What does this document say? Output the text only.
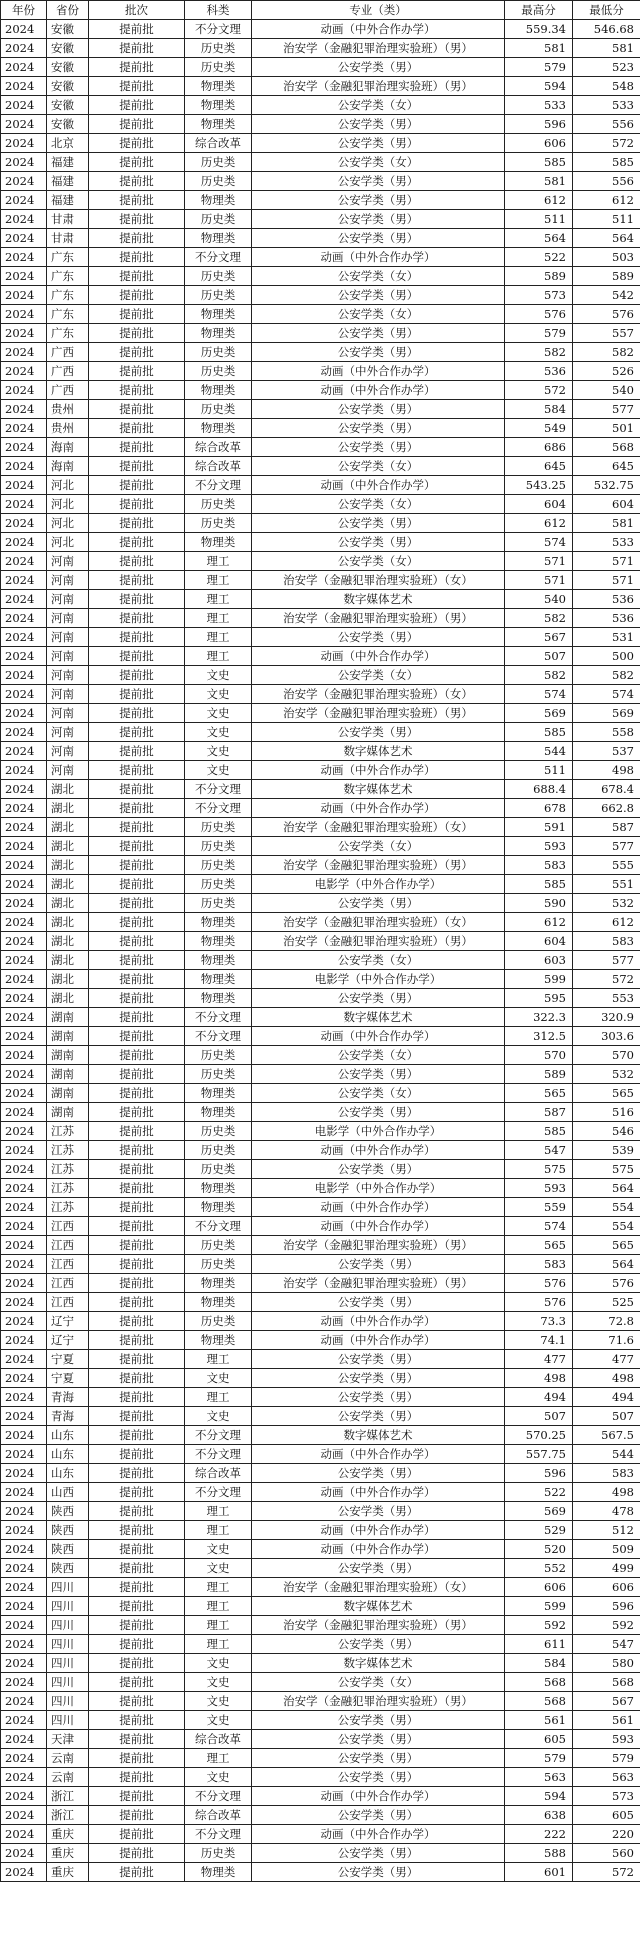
年份	省份	批次	科类	专业（类）	最高分	最低分
2024	安徽	提前批	不分文理	动画（中外合作办学）	559.34	546.68
2024	安徽	提前批	历史类	治安学（金融犯罪治理实验班）（男）	581	581
2024	安徽	提前批	历史类	公安学类（男）	579	523
2024	安徽	提前批	物理类	治安学（金融犯罪治理实验班）（男）	594	548
2024	安徽	提前批	物理类	公安学类（女）	533	533
2024	安徽	提前批	物理类	公安学类（男）	596	556
2024	北京	提前批	综合改革	公安学类（男）	606	572
2024	福建	提前批	历史类	公安学类（女）	585	585
2024	福建	提前批	历史类	公安学类（男）	581	556
2024	福建	提前批	物理类	公安学类（男）	612	612
2024	甘肃	提前批	历史类	公安学类（男）	511	511
2024	甘肃	提前批	物理类	公安学类（男）	564	564
2024	广东	提前批	不分文理	动画（中外合作办学）	522	503
2024	广东	提前批	历史类	公安学类（女）	589	589
2024	广东	提前批	历史类	公安学类（男）	573	542
2024	广东	提前批	物理类	公安学类（女）	576	576
2024	广东	提前批	物理类	公安学类（男）	579	557
2024	广西	提前批	历史类	公安学类（男）	582	582
2024	广西	提前批	历史类	动画（中外合作办学）	536	526
2024	广西	提前批	物理类	动画（中外合作办学）	572	540
2024	贵州	提前批	历史类	公安学类（男）	584	577
2024	贵州	提前批	物理类	公安学类（男）	549	501
2024	海南	提前批	综合改革	公安学类（男）	686	568
2024	海南	提前批	综合改革	公安学类（女）	645	645
2024	河北	提前批	不分文理	动画（中外合作办学）	543.25	532.75
2024	河北	提前批	历史类	公安学类（女）	604	604
2024	河北	提前批	历史类	公安学类（男）	612	581
2024	河北	提前批	物理类	公安学类（男）	574	533
2024	河南	提前批	理工	公安学类（女）	571	571
2024	河南	提前批	理工	治安学（金融犯罪治理实验班）（女）	571	571
2024	河南	提前批	理工	数字媒体艺术	540	536
2024	河南	提前批	理工	治安学（金融犯罪治理实验班）（男）	582	536
2024	河南	提前批	理工	公安学类（男）	567	531
2024	河南	提前批	理工	动画（中外合作办学）	507	500
2024	河南	提前批	文史	公安学类（女）	582	582
2024	河南	提前批	文史	治安学（金融犯罪治理实验班）（女）	574	574
2024	河南	提前批	文史	治安学（金融犯罪治理实验班）（男）	569	569
2024	河南	提前批	文史	公安学类（男）	585	558
2024	河南	提前批	文史	数字媒体艺术	544	537
2024	河南	提前批	文史	动画（中外合作办学）	511	498
2024	湖北	提前批	不分文理	数字媒体艺术	688.4	678.4
2024	湖北	提前批	不分文理	动画（中外合作办学）	678	662.8
2024	湖北	提前批	历史类	治安学（金融犯罪治理实验班）（女）	591	587
2024	湖北	提前批	历史类	公安学类（女）	593	577
2024	湖北	提前批	历史类	治安学（金融犯罪治理实验班）（男）	583	555
2024	湖北	提前批	历史类	电影学（中外合作办学）	585	551
2024	湖北	提前批	历史类	公安学类（男）	590	532
2024	湖北	提前批	物理类	治安学（金融犯罪治理实验班）（女）	612	612
2024	湖北	提前批	物理类	治安学（金融犯罪治理实验班）（男）	604	583
2024	湖北	提前批	物理类	公安学类（女）	603	577
2024	湖北	提前批	物理类	电影学（中外合作办学）	599	572
2024	湖北	提前批	物理类	公安学类（男）	595	553
2024	湖南	提前批	不分文理	数字媒体艺术	322.3	320.9
2024	湖南	提前批	不分文理	动画（中外合作办学）	312.5	303.6
2024	湖南	提前批	历史类	公安学类（女）	570	570
2024	湖南	提前批	历史类	公安学类（男）	589	532
2024	湖南	提前批	物理类	公安学类（女）	565	565
2024	湖南	提前批	物理类	公安学类（男）	587	516
2024	江苏	提前批	历史类	电影学（中外合作办学）	585	546
2024	江苏	提前批	历史类	动画（中外合作办学）	547	539
2024	江苏	提前批	历史类	公安学类（男）	575	575
2024	江苏	提前批	物理类	电影学（中外合作办学）	593	564
2024	江苏	提前批	物理类	动画（中外合作办学）	559	554
2024	江西	提前批	不分文理	动画（中外合作办学）	574	554
2024	江西	提前批	历史类	治安学（金融犯罪治理实验班）（男）	565	565
2024	江西	提前批	历史类	公安学类（男）	583	564
2024	江西	提前批	物理类	治安学（金融犯罪治理实验班）（男）	576	576
2024	江西	提前批	物理类	公安学类（男）	576	525
2024	辽宁	提前批	历史类	动画（中外合作办学）	73.3	72.8
2024	辽宁	提前批	物理类	动画（中外合作办学）	74.1	71.6
2024	宁夏	提前批	理工	公安学类（男）	477	477
2024	宁夏	提前批	文史	公安学类（男）	498	498
2024	青海	提前批	理工	公安学类（男）	494	494
2024	青海	提前批	文史	公安学类（男）	507	507
2024	山东	提前批	不分文理	数字媒体艺术	570.25	567.5
2024	山东	提前批	不分文理	动画（中外合作办学）	557.75	544
2024	山东	提前批	综合改革	公安学类（男）	596	583
2024	山西	提前批	不分文理	动画（中外合作办学）	522	498
2024	陕西	提前批	理工	公安学类（男）	569	478
2024	陕西	提前批	理工	动画（中外合作办学）	529	512
2024	陕西	提前批	文史	动画（中外合作办学）	520	509
2024	陕西	提前批	文史	公安学类（男）	552	499
2024	四川	提前批	理工	治安学（金融犯罪治理实验班）（女）	606	606
2024	四川	提前批	理工	数字媒体艺术	599	596
2024	四川	提前批	理工	治安学（金融犯罪治理实验班）（男）	592	592
2024	四川	提前批	理工	公安学类（男）	611	547
2024	四川	提前批	文史	数字媒体艺术	584	580
2024	四川	提前批	文史	公安学类（女）	568	568
2024	四川	提前批	文史	治安学（金融犯罪治理实验班）（男）	568	567
2024	四川	提前批	文史	公安学类（男）	561	561
2024	天津	提前批	综合改革	公安学类（男）	605	593
2024	云南	提前批	理工	公安学类（男）	579	579
2024	云南	提前批	文史	公安学类（男）	563	563
2024	浙江	提前批	不分文理	动画（中外合作办学）	594	573
2024	浙江	提前批	综合改革	公安学类（男）	638	605
2024	重庆	提前批	不分文理	动画（中外合作办学）	222	220
2024	重庆	提前批	历史类	公安学类（男）	588	560
2024	重庆	提前批	物理类	公安学类（男）	601	572
